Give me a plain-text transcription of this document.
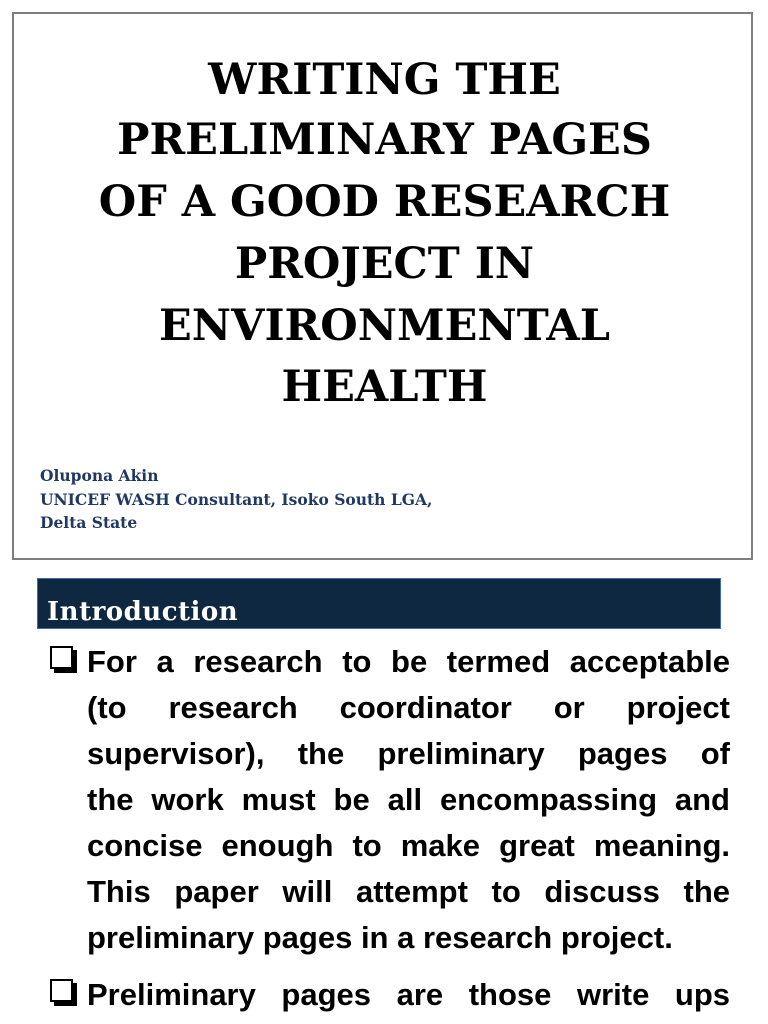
WRITING THE
PRELIMINARY PAGES
OF A GOOD RESEARCH
PROJECT IN
ENVIRONMENTAL
HEALTH
Olupona Akin
UNICEF WASH Consultant, Isoko South LGA,
Delta State
Introduction
For a research to be termed acceptable
(to research coordinator or project
supervisor), the preliminary pages of
the work must be all encompassing and
concise enough to make great meaning.
This paper will attempt to discuss the
preliminary pages in a research project.
Preliminary pages are those write ups
